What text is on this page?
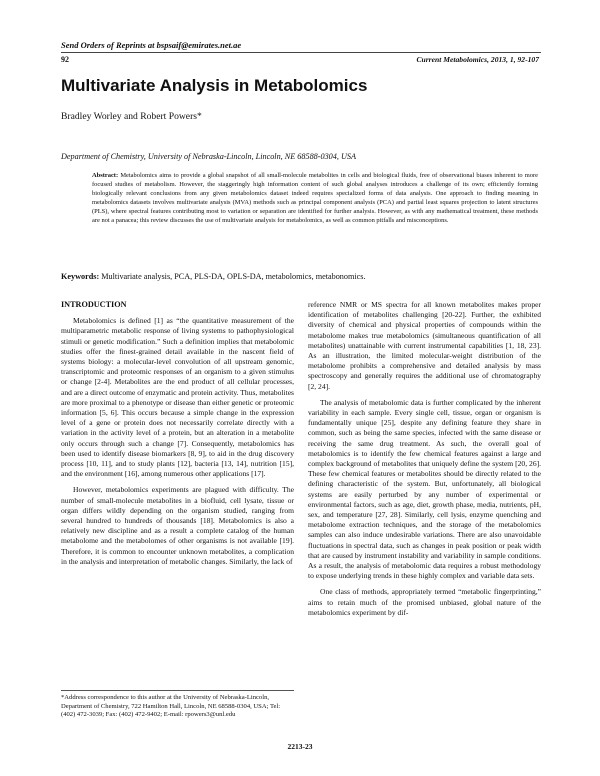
Send Orders of Reprints at bspsaif@emirates.net.ae
92	Current Metabolomics, 2013, 1, 92-107
Multivariate Analysis in Metabolomics
Bradley Worley and Robert Powers*
Department of Chemistry, University of Nebraska-Lincoln, Lincoln, NE 68588-0304, USA
Abstract: Metabolomics aims to provide a global snapshot of all small-molecule metabolites in cells and biological fluids, free of observational biases inherent to more focused studies of metabolism. However, the staggeringly high information content of such global analyses introduces a challenge of its own; efficiently forming biologically relevant conclusions from any given metabolomics dataset indeed requires specialized forms of data analysis. One approach to finding meaning in metabolomics datasets involves multivariate analysis (MVA) methods such as principal component analysis (PCA) and partial least squares projection to latent structures (PLS), where spectral features contributing most to variation or separation are identified for further analysis. However, as with any mathematical treatment, these methods are not a panacea; this review discusses the use of multivariate analysis for metabolomics, as well as common pitfalls and misconceptions.
Keywords: Multivariate analysis, PCA, PLS-DA, OPLS-DA, metabolomics, metabonomics.

INTRODUCTION

Metabolomics is defined [1] as “the quantitative measurement of the multiparametric metabolic response of living systems to pathophysiological stimuli or genetic modification.” Such a definition implies that metabolomic studies offer the finest-grained detail available in the nascent field of systems biology: a molecular-level convolution of all upstream genomic, transcriptomic and proteomic responses of an organism to a given stimulus or change [2-4]. Metabolites are the end product of all cellular processes, and are a direct outcome of enzymatic and protein activity. Thus, metabolites are more proximal to a phenotype or disease than either genetic or proteomic information [5, 6]. This occurs because a simple change in the expression level of a gene or protein does not necessarily correlate directly with a variation in the activity level of a protein, but an alteration in a metabolite only occurs through such a change [7]. Consequently, metabolomics has been used to identify disease biomarkers [8, 9], to aid in the drug discovery process [10, 11], and to study plants [12], bacteria [13, 14], nutrition [15], and the environment [16], among numerous other applications [17].

However, metabolomics experiments are plagued with difficulty. The number of small-molecule metabolites in a biofluid, cell lysate, tissue or organ differs wildly depending on the organism studied, ranging from several hundred to hundreds of thousands [18]. Metabolomics is also a relatively new discipline and as a result a complete catalog of the human metabolome and the metabolomes of other organisms is not available [19]. Therefore, it is common to encounter unknown metabolites, a complication in the analysis and interpretation of metabolic changes. Similarly, the lack of

reference NMR or MS spectra for all known metabolites makes proper identification of metabolites challenging [20-22]. Further, the exhibited diversity of chemical and physical properties of compounds within the metabolome makes true metabolomics (simultaneous quantification of all metabolites) unattainable with current instrumental capabilities [1, 18, 23]. As an illustration, the limited molecular-weight distribution of the metabolome prohibits a comprehensive and detailed analysis by mass spectroscopy and generally requires the additional use of chromatography [2, 24].

The analysis of metabolomic data is further complicated by the inherent variability in each sample. Every single cell, tissue, organ or organism is fundamentally unique [25], despite any defining feature they share in common, such as being the same species, infected with the same disease or receiving the same drug treatment. As such, the overall goal of metabolomics is to identify the few chemical features against a large and complex background of metabolites that uniquely define the system [20, 26]. These few chemical features or metabolites should be directly related to the defining characteristic of the system. But, unfortunately, all biological systems are easily perturbed by any number of experimental or environmental factors, such as age, diet, growth phase, media, nutrients, pH, sex, and temperature [27, 28]. Similarly, cell lysis, enzyme quenching and metabolome extraction techniques, and the storage of the metabolomics samples can also induce undesirable variations. There are also unavoidable fluctuations in spectral data, such as changes in peak position or peak width that are caused by instrument instability and variability in sample conditions. As a result, the analysis of metabolomic data requires a robust methodology to expose underlying trends in these highly complex and variable data sets.

One class of methods, appropriately termed “metabolic fingerprinting,” aims to retain much of the promised unbiased, global nature of the metabolomics experiment by dif-

*Address correspondence to this author at the University of Nebraska-Lincoln, Department of Chemistry, 722 Hamilton Hall, Lincoln, NE 68588-0304, USA; Tel: (402) 472-3039; Fax: (402) 472-9402; E-mail: rpowers3@unl.edu
2213-23
